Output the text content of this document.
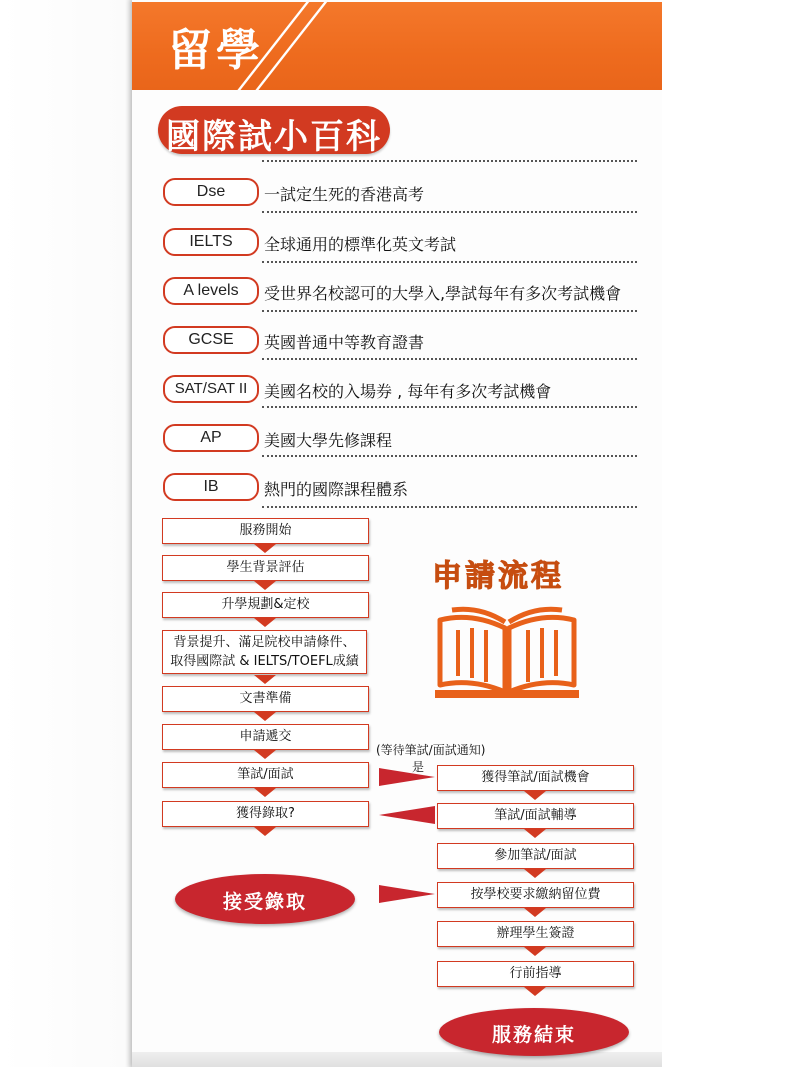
留學
國際試小百科
Dse	一試定生死的香港高考
IELTS	全球通用的標準化英文考試
A levels	受世界名校認可的大學入,學試每年有多次考試機會
GCSE	英國普通中等教育證書
SAT/SAT II	美國名校的入場券 , 每年有多次考試機會
AP	美國大學先修課程
IB	熱門的國際課程體系
服務開始
學生背景評估
升學規劃&定校
背景提升、滿足院校申請條件、
取得國際試 & IELTS/TOEFL成績
文書準備
申請遞交
筆試/面試
獲得錄取?
申請流程
(等待筆試/面試通知)
是
獲得筆試/面試機會
筆試/面試輔導
參加筆試/面試
按學校要求繳納留位費
辦理學生簽證
行前指導
接受錄取
服務結束
